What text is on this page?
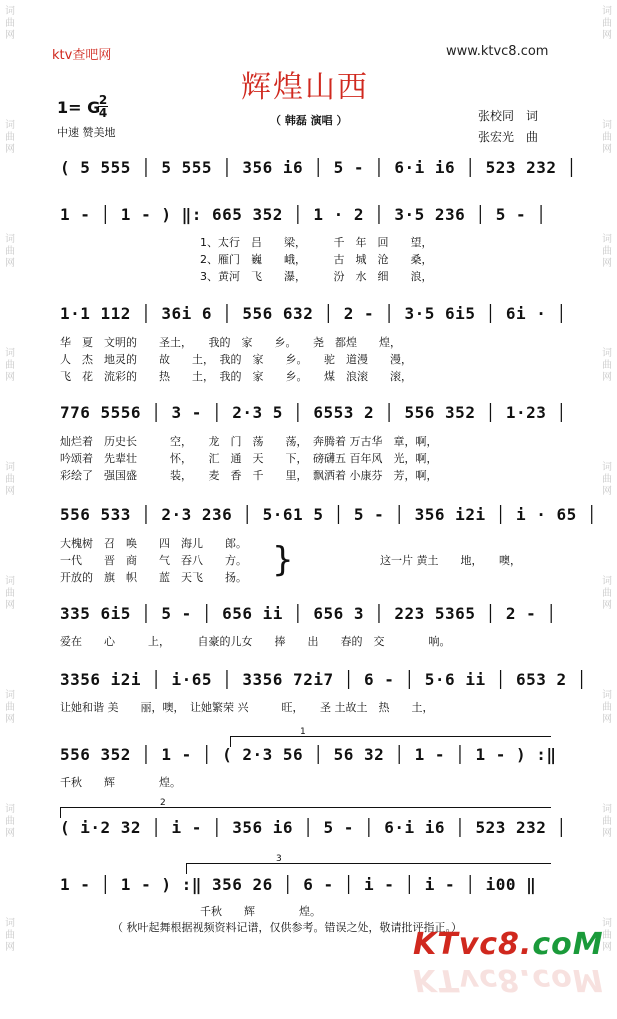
词
曲
网
词
曲
网
词
曲
网
词
曲
网
词
曲
网
词
曲
网
词
曲
网
词
曲
网
词
曲
网
词
曲
网
词
曲
网
词
曲
网
词
曲
网
词
曲
网
词
曲
网
词
曲
网
词
曲
网
词
曲
网
ktv查吧网	www.ktvc8.com
辉煌山西
1= G
2
4
中速 赞美地
（ 韩磊 演唱 ）	张校同　词
张宏光　曲
( 5 555 │ 5 555 │ 356 i6 │ 5 - │ 6·i i6 │ 523 232 │
1 - │ 1 - ) ‖: 665 352 │ 1 · 2 │ 3·5 236 │ 5 - │
1、太行　吕　　梁，　　　千　年　回　　望，
2、雁门　巍　　峨，　　　古　城　沧　　桑，
3、黄河　飞　　瀑，　　　汾　水　细　　浪，
1·1 112 │ 36i 6 │ 556 632 │ 2 - │ 3·5 6i5 │ 6i · │
华　夏　文明的　　圣土，　　我的　家　　乡。　　尧　都煌　　煌，
人　杰　地灵的　　故　　土，　我的　家　　乡。　　驼　道漫　　漫，
飞　花　流彩的　　热　　土，　我的　家　　乡。　　煤　浪滚　　滚，
776 5556 │ 3 - │ 2·3 5 │ 6553 2 │ 556 352 │ 1·23 │
灿烂着　历史长　　　空，　　龙　门　荡　　荡，　奔腾着 万古华　章，啊，
吟颂着　先辈壮　　　怀，　　汇　通　天　　下，　磅礴五 百年风　光，啊，
彩绘了　强国盛　　　装，　　麦　香　千　　里，　飘洒着 小康芬　芳，啊，
556 533 │ 2·3 236 │ 5·61 5 │ 5 - │ 356 i2i │ i · 65 │
大槐树　召　唤　　四　海儿　　郎。
一代　　晋　商　　气　吞八　　方。
开放的　旗　帜　　蓝　天飞　　扬。 }	这一片 黄土　　地，　　噢，
335 6i5 │ 5 - │ 656 ii │ 656 3 │ 223 5365 │ 2 - │
爱在　　心　　　上，　　　自豪的儿女　　捧　　出　　春的　交　　　　响。
3356 i2i │ i·65 │ 3356 72i7 │ 6 - │ 5·6 ii │ 653 2 │
让她和谐 美　　丽，噢，　让她繁荣 兴　　　旺，　　圣 土故土　热　　土，
1
556 352 │ 1 - │ ( 2·3 56 │ 56 32 │ 1 - │ 1 - ) :‖
千秋　　辉　　　　煌。
2
( i·2 32 │ i - │ 356 i6 │ 5 - │ 6·i i6 │ 523 232 │
3
1 - │ 1 - ) :‖ 356 26 │ 6 - │ i - │ i - │ i00 ‖
千秋　　辉　　　　煌。
（ 秋叶起舞根据视频资料记谱，仅供参考。错误之处，敬请批评指正。）
KTvc8.coM
KTvc8.coM
